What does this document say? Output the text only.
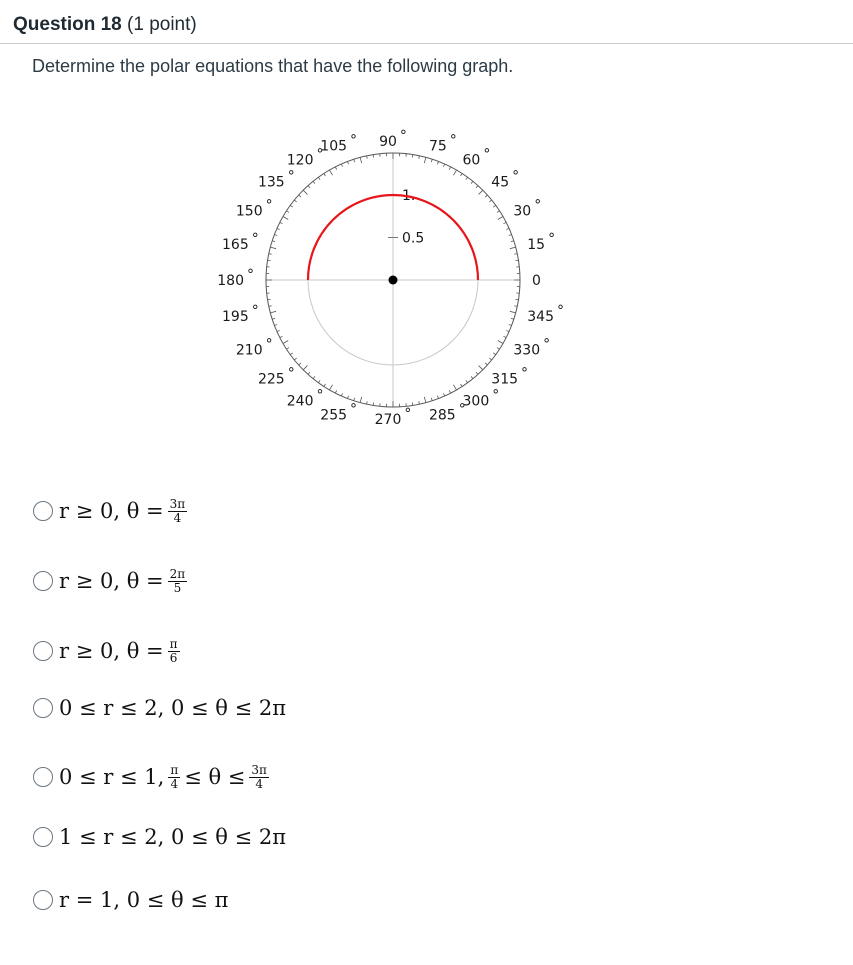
Question 18 (1 point)
Determine the polar equations that have the following graph.
0.5
1.
0
15 °
30 °
45 °
60 °
75 °
90 °
105 °
120 °
135 °
150 °
165 °
180 °
195 °
210 °
225 °
240 °
255 °
270 ° 285 °
300 °
315 °
330 °
345 °
r ≥ 0, $\theta = \frac{3\pi}{4}$
r ≥ 0, $\theta = \frac{2\pi}{5}$
r ≥ 0, $\theta = \frac{\pi}{6}$
0 ≤ r ≤ 2, 0 ≤ θ ≤ 2π
0 ≤ r ≤ 1, $\frac{\pi}{4} \le \theta \le \frac{3\pi}{4}$
1 ≤ r ≤ 2, 0 ≤ θ ≤ 2π
r = 1, 0 ≤ θ ≤ π
